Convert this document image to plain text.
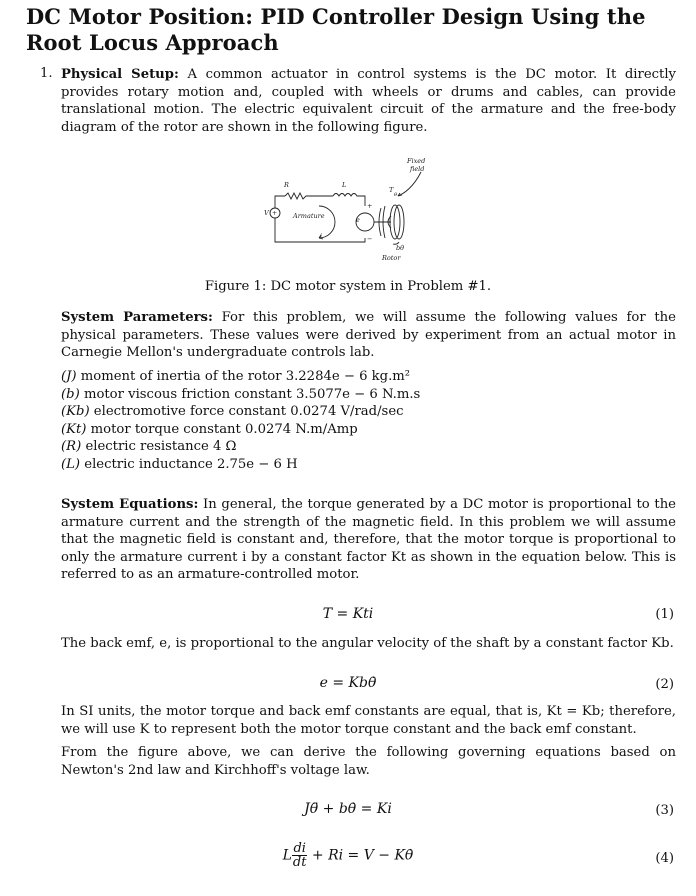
DC Motor Position: PID Controller Design Using the Root Locus Approach
1. Physical Setup: A common actuator in control systems is the DC motor. It directly provides rotary motion and, coupled with wheels or drums and cables, can provide translational motion. The electric equivalent circuit of the armature and the free-body diagram of the rotor are shown in the following figure.
Fixed
field
R	L
T
θ
V	Armature	e
i
bθ̇
Rotor
+
−
+
Figure 1: DC motor system in Problem #1.
System Parameters: For this problem, we will assume the following values for the physical parameters. These values were derived by experiment from an actual motor in Carnegie Mellon's undergraduate controls lab.
(J) moment of inertia of the rotor 3.2284e − 6 kg.m²
(b) motor viscous friction constant 3.5077e − 6 N.m.s
(Kb) electromotive force constant 0.0274 V/rad/sec
(Kt) motor torque constant 0.0274 N.m/Amp
(R) electric resistance 4 Ω
(L) electric inductance 2.75e − 6 H
System Equations: In general, the torque generated by a DC motor is proportional to the armature current and the strength of the magnetic field. In this problem we will assume that the magnetic field is constant and, therefore, that the motor torque is proportional to only the armature current i by a constant factor Kt as shown in the equation below. This is referred to as an armature-controlled motor.
T = Kti	(1)
The back emf, e, is proportional to the angular velocity of the shaft by a constant factor Kb.
e = Kbθ̇	(2)
In SI units, the motor torque and back emf constants are equal, that is, Kt = Kb; therefore, we will use K to represent both the motor torque constant and the back emf constant.
From the figure above, we can derive the following governing equations based on Newton's 2nd law and Kirchhoff's voltage law.
Jθ̈ + bθ̇ = Ki	(3)
L $\frac{di}{dt} + Ri = V$ − Kθ̇	(4)
